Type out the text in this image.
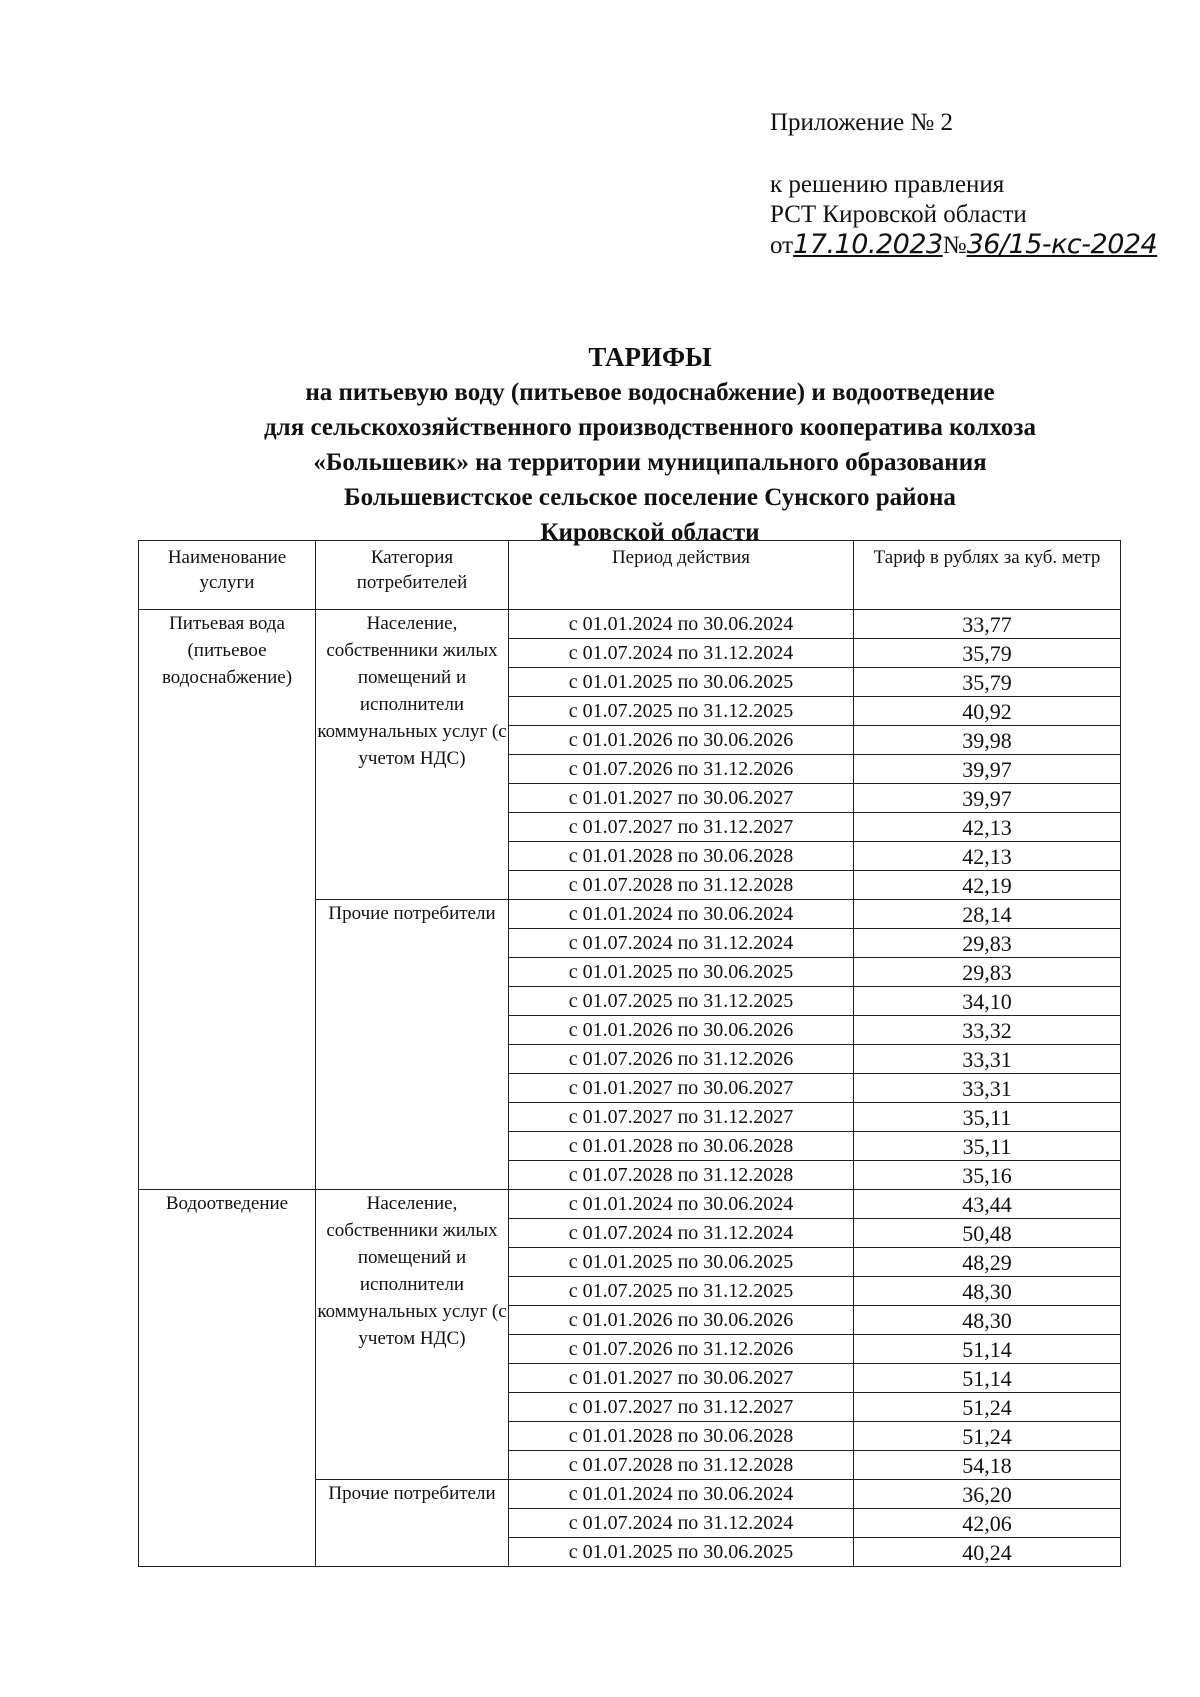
Приложение № 2
к решению правления
РСТ Кировской области
от17.10.2023№36/15-кс-2024
ТАРИФЫ
на питьевую воду (питьевое водоснабжение) и водоотведение
для сельскохозяйственного производственного кооператива колхоза
«Большевик» на территории муниципального образования
Большевистское сельское поселение Сунского района
Кировской области
Наименование услуги	Категория потребителей	Период действия	Тариф в рублях за куб. метр
Питьевая вода (питьевое водоснабжение)	Население, собственники жилых помещений и исполнители коммунальных услуг (с учетом НДС)	с 01.01.2024 по 30.06.2024	33,77
		с 01.07.2024 по 31.12.2024	35,79
		с 01.01.2025 по 30.06.2025	35,79
		с 01.07.2025 по 31.12.2025	40,92
		с 01.01.2026 по 30.06.2026	39,98
		с 01.07.2026 по 31.12.2026	39,97
		с 01.01.2027 по 30.06.2027	39,97
		с 01.07.2027 по 31.12.2027	42,13
		с 01.01.2028 по 30.06.2028	42,13
		с 01.07.2028 по 31.12.2028	42,19
	Прочие потребители	с 01.01.2024 по 30.06.2024	28,14
		с 01.07.2024 по 31.12.2024	29,83
		с 01.01.2025 по 30.06.2025	29,83
		с 01.07.2025 по 31.12.2025	34,10
		с 01.01.2026 по 30.06.2026	33,32
		с 01.07.2026 по 31.12.2026	33,31
		с 01.01.2027 по 30.06.2027	33,31
		с 01.07.2027 по 31.12.2027	35,11
		с 01.01.2028 по 30.06.2028	35,11
		с 01.07.2028 по 31.12.2028	35,16
Водоотведение	Население, собственники жилых помещений и исполнители коммунальных услуг (с учетом НДС)	с 01.01.2024 по 30.06.2024	43,44
		с 01.07.2024 по 31.12.2024	50,48
		с 01.01.2025 по 30.06.2025	48,29
		с 01.07.2025 по 31.12.2025	48,30
		с 01.01.2026 по 30.06.2026	48,30
		с 01.07.2026 по 31.12.2026	51,14
		с 01.01.2027 по 30.06.2027	51,14
		с 01.07.2027 по 31.12.2027	51,24
		с 01.01.2028 по 30.06.2028	51,24
		с 01.07.2028 по 31.12.2028	54,18
	Прочие потребители	с 01.01.2024 по 30.06.2024	36,20
		с 01.07.2024 по 31.12.2024	42,06
		с 01.01.2025 по 30.06.2025	40,24
